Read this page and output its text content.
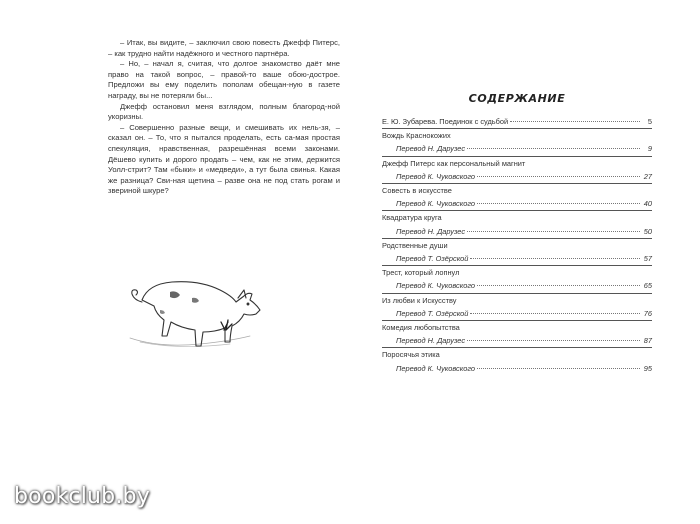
– Итак, вы видите, – заключил свою повесть Джефф Питерс, – как трудно найти надёжного и честного партнёра.

– Но, – начал я, считая, что долгое знакомство даёт мне право на такой вопрос, – правой-то ваше обою-дострое. Предложи вы ему поделить пополам обещан-ную в газете награду, вы не потеряли бы...

Джефф остановил меня взглядом, полным благород-ной укоризны.

– Совершенно разные вещи, и смешивать их нель-зя, – сказал он. – То, что я пытался проделать, есть са-мая простая спекуляция, нравственная, разрешённая всеми законами. Дёшево купить и дорого продать – чем, как не этим, держится Уолл-стрит? Там «быки» и «медведи», а тут была свинья. Какая же разница? Сви-ная щетина – разве она не под стать рогам и звериной шкуре?

СОДЕРЖАНИЕ
Е. Ю. Зубарева. Поединок с судьбой	5
Вождь Краснокожих
Перевод Н. Дарузес	9
Джефф Питерс как персональный магнит
Перевод К. Чуковского	27
Совесть в искусстве
Перевод К. Чуковского	40
Квадратура круга
Перевод Н. Дарузес	50
Родственные души
Перевод Т. Озёрской	57
Трест, который лопнул
Перевод К. Чуковского	65
Из любви к Искусству
Перевод Т. Озёрской	76
Комедия любопытства
Перевод Н. Дарузес	87
Поросячья этика
Перевод К. Чуковского	95
bookclub.by
